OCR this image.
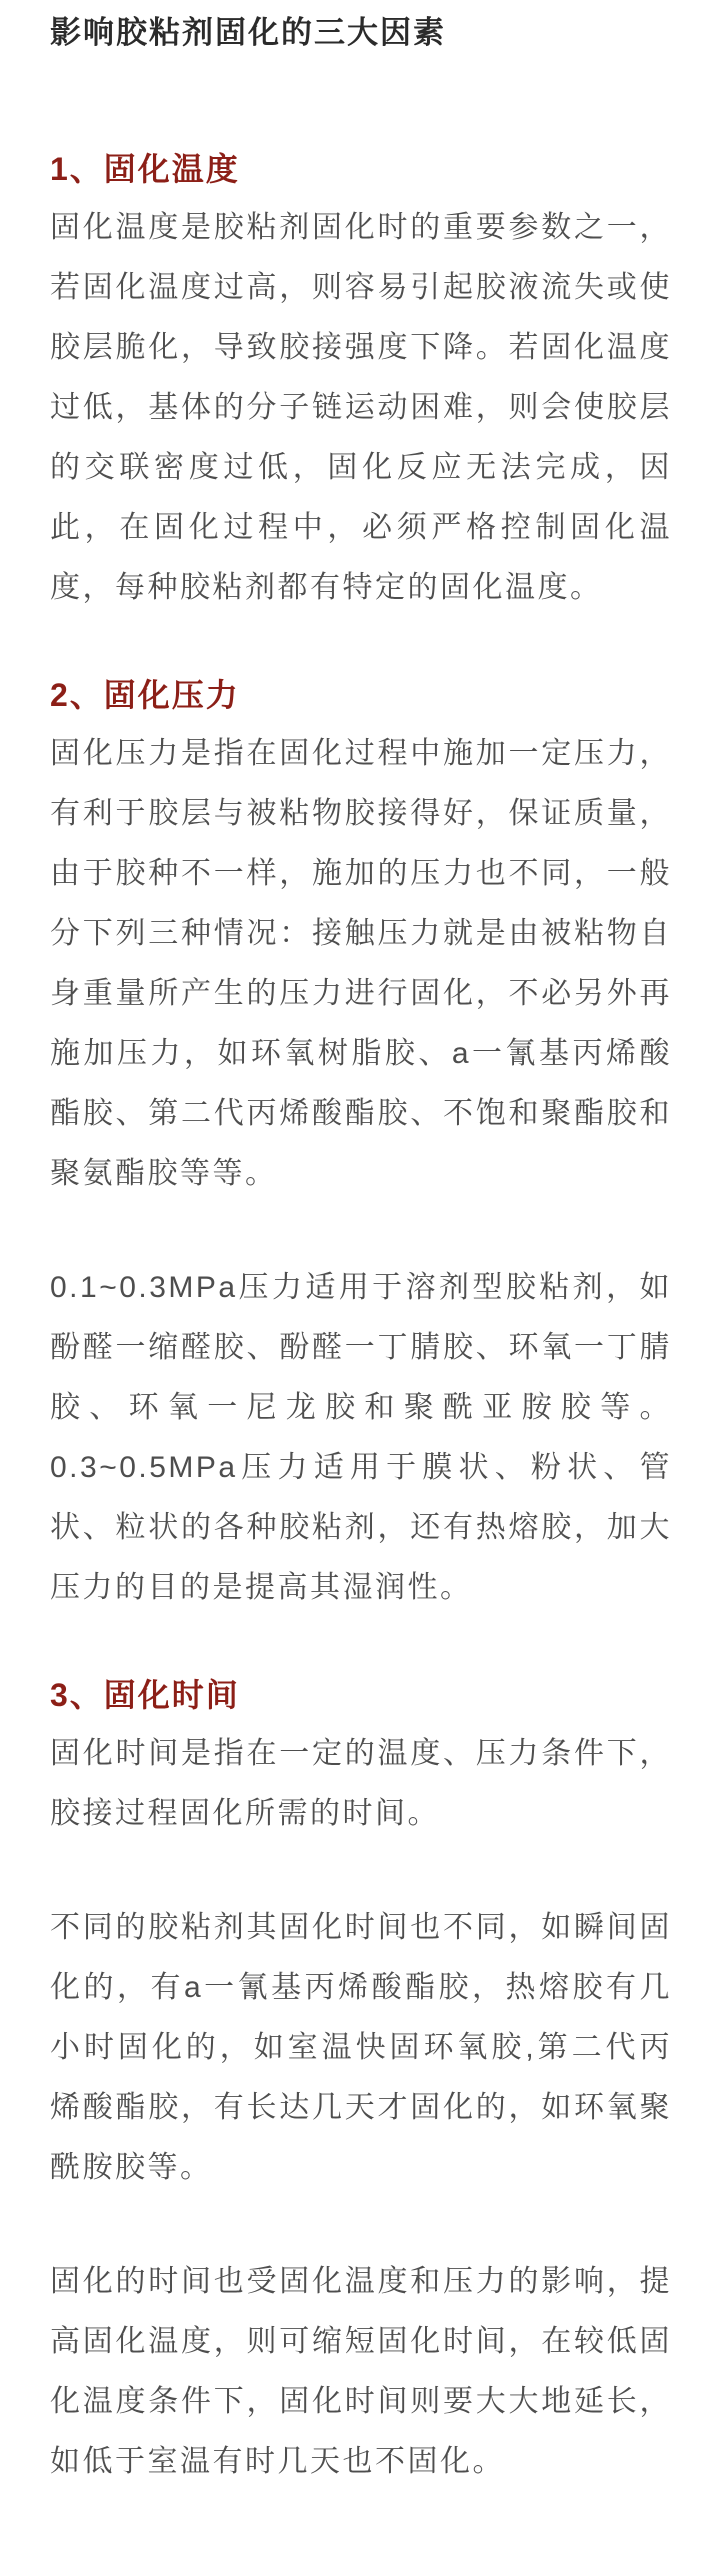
影响胶粘剂固化的三大因素
1、固化温度

固化温度是胶粘剂固化时的重要参数之一，若固化温度过高，则容易引起胶液流失或使胶层脆化，导致胶接强度下降。若固化温度过低，基体的分子链运动困难，则会使胶层的交联密度过低，固化反应无法完成，因此，在固化过程中，必须严格控制固化温度，每种胶粘剂都有特定的固化温度。

2、固化压力

固化压力是指在固化过程中施加一定压力，有利于胶层与被粘物胶接得好，保证质量，由于胶种不一样，施加的压力也不同，一般分下列三种情况：接触压力就是由被粘物自身重量所产生的压力进行固化，不必另外再施加压力，如环氧树脂胶、a一氰基丙烯酸酯胶、第二代丙烯酸酯胶、不饱和聚酯胶和聚氨酯胶等等。

0.1~0.3MPa压力适用于溶剂型胶粘剂，如酚醛一缩醛胶、酚醛一丁腈胶、环氧一丁腈胶、环氧一尼龙胶和聚酰亚胺胶等。0.3~0.5MPa压力适用于膜状、粉状、管状、粒状的各种胶粘剂，还有热熔胶，加大压力的目的是提高其湿润性。

3、固化时间

固化时间是指在一定的温度、压力条件下，胶接过程固化所需的时间。

不同的胶粘剂其固化时间也不同，如瞬间固化的，有a一氰基丙烯酸酯胶，热熔胶有几小时固化的，如室温快固环氧胶,第二代丙烯酸酯胶，有长达几天才固化的，如环氧聚酰胺胶等。

固化的时间也受固化温度和压力的影响，提高固化温度，则可缩短固化时间，在较低固化温度条件下，固化时间则要大大地延长，如低于室温有时几天也不固化。
